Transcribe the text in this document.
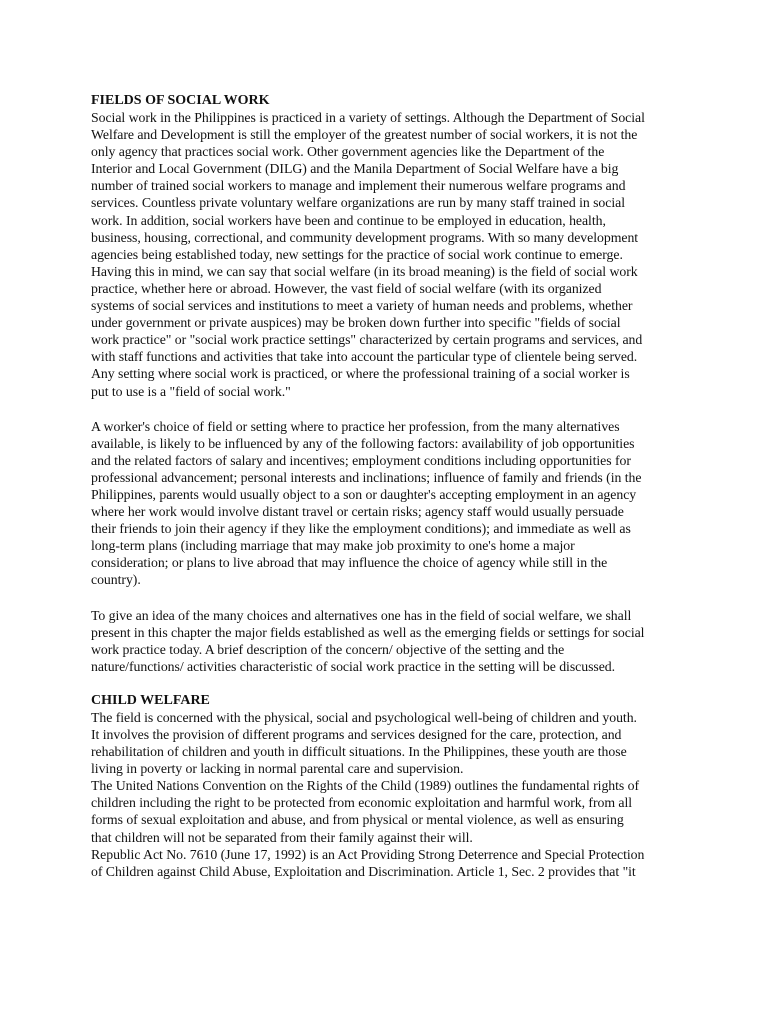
FIELDS OF SOCIAL WORK

Social work in the Philippines is practiced in a variety of settings. Although the Department of Social
Welfare and Development is still the employer of the greatest number of social workers, it is not the
only agency that practices social work. Other government agencies like the Department of the
Interior and Local Government (DILG) and the Manila Department of Social Welfare have a big
number of trained social workers to manage and implement their numerous welfare programs and
services. Countless private voluntary welfare organizations are run by many staff trained in social
work. In addition, social workers have been and continue to be employed in education, health,
business, housing, correctional, and community development programs. With so many development
agencies being established today, new settings for the practice of social work continue to emerge.
Having this in mind, we can say that social welfare (in its broad meaning) is the field of social work
practice, whether here or abroad. However, the vast field of social welfare (with its organized
systems of social services and institutions to meet a variety of human needs and problems, whether
under government or private auspices) may be broken down further into specific "fields of social
work practice" or "social work practice settings" characterized by certain programs and services, and
with staff functions and activities that take into account the particular type of clientele being served.
Any setting where social work is practiced, or where the professional training of a social worker is
put to use is a "field of social work."

A worker's choice of field or setting where to practice her profession, from the many alternatives
available, is likely to be influenced by any of the following factors: availability of job opportunities
and the related factors of salary and incentives; employment conditions including opportunities for
professional advancement; personal interests and inclinations; influence of family and friends (in the
Philippines, parents would usually object to a son or daughter's accepting employment in an agency
where her work would involve distant travel or certain risks; agency staff would usually persuade
their friends to join their agency if they like the employment conditions); and immediate as well as
long-term plans (including marriage that may make job proximity to one's home a major
consideration; or plans to live abroad that may influence the choice of agency while still in the
country).

To give an idea of the many choices and alternatives one has in the field of social welfare, we shall
present in this chapter the major fields established as well as the emerging fields or settings for social
work practice today. A brief description of the concern/ objective of the setting and the
nature/functions/ activities characteristic of social work practice in the setting will be discussed.

CHILD WELFARE

The field is concerned with the physical, social and psychological well-being of children and youth.
It involves the provision of different programs and services designed for the care, protection, and
rehabilitation of children and youth in difficult situations. In the Philippines, these youth are those
living in poverty or lacking in normal parental care and supervision.

The United Nations Convention on the Rights of the Child (1989) outlines the fundamental rights of
children including the right to be protected from economic exploitation and harmful work, from all
forms of sexual exploitation and abuse, and from physical or mental violence, as well as ensuring
that children will not be separated from their family against their will.

Republic Act No. 7610 (June 17, 1992) is an Act Providing Strong Deterrence and Special Protection
of Children against Child Abuse, Exploitation and Discrimination. Article 1, Sec. 2 provides that "it
